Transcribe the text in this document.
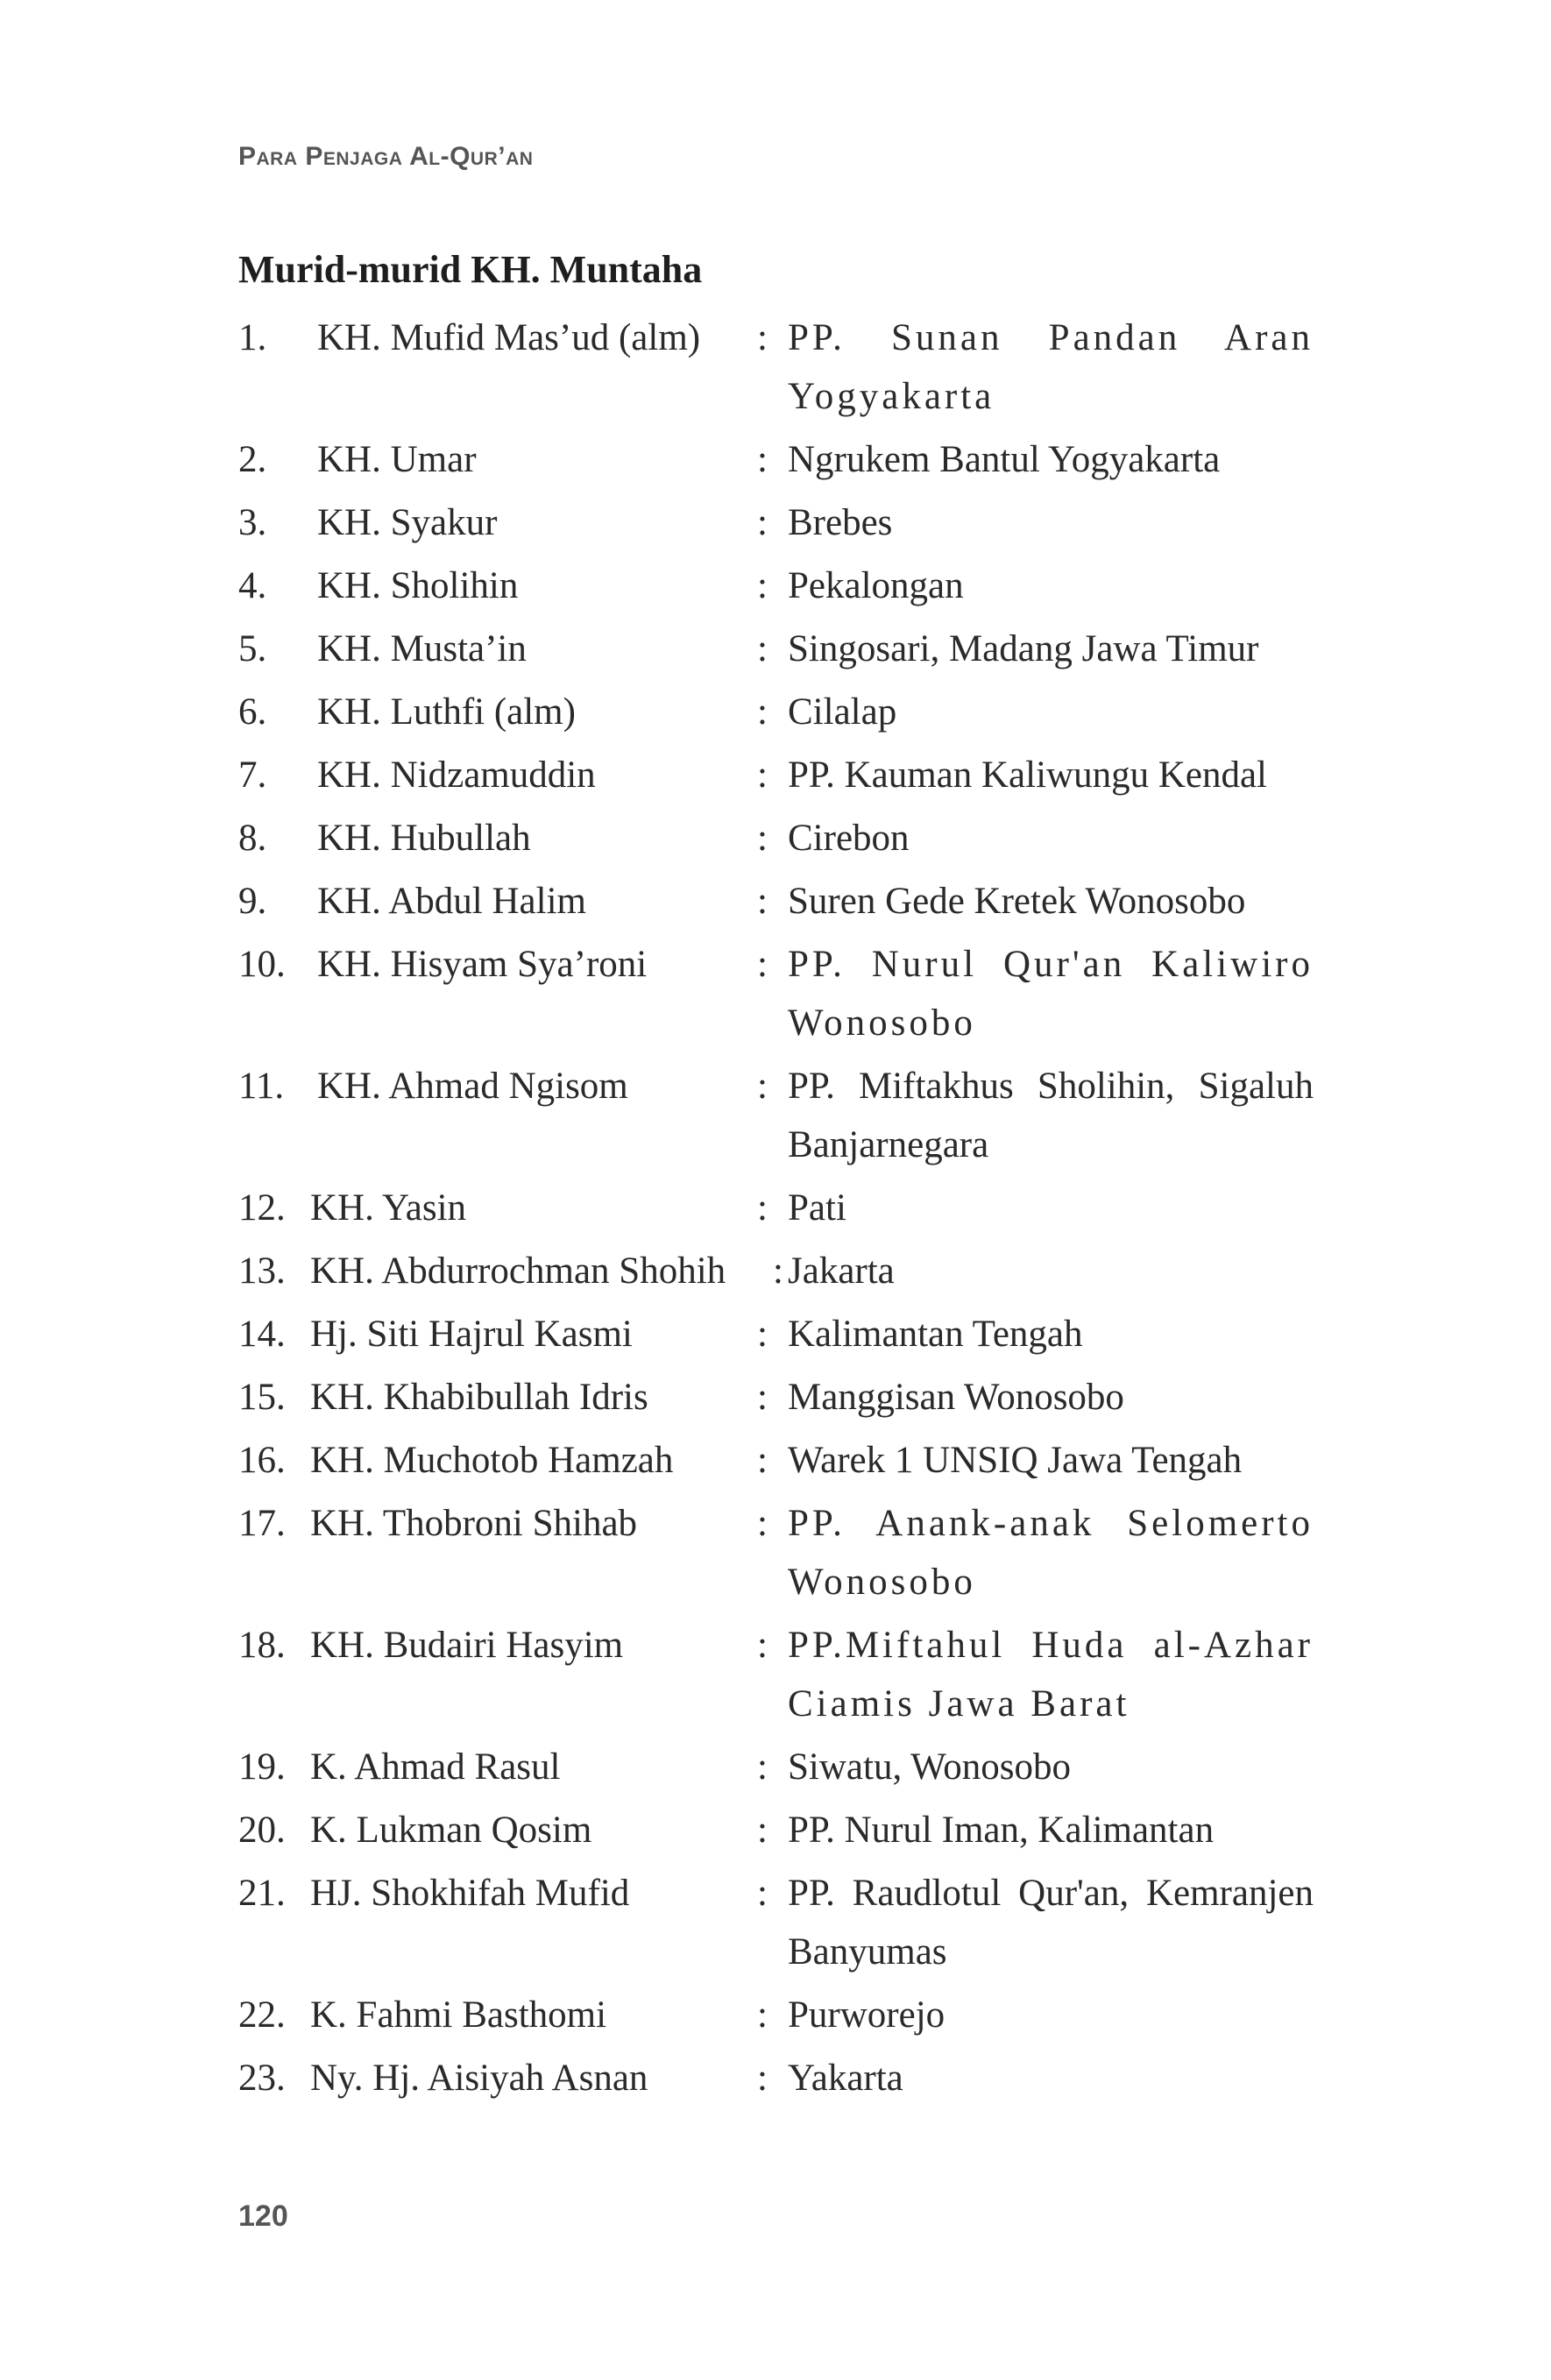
Para Penjaga Al-Qur’an
Murid-murid KH. Muntaha
1. KH. Mufid Mas’ud (alm) : PP. Sunan Pandan Aran Yogyakarta
2. KH. Umar	: Ngrukem Bantul Yogyakarta
3. KH. Syakur	: Brebes
4. KH. Sholihin	: Pekalongan
5. KH. Musta’in	: Singosari, Madang Jawa Timur
6. KH. Luthfi (alm)	: Cilalap
7. KH. Nidzamuddin	: PP. Kauman Kaliwungu Kendal
8. KH. Hubullah	: Cirebon
9. KH. Abdul Halim	: Suren Gede Kretek Wonosobo
10. KH. Hisyam Sya’roni	: PP. Nurul Qur'an Kaliwiro Wonosobo
11. KH. Ahmad Ngisom	: PP. Miftakhus Sholihin, Sigaluh Banjarnegara
12. KH. Yasin	: Pati
13. KH. Abdurrochman Shohih : Jakarta
14. Hj. Siti Hajrul Kasmi	: Kalimantan Tengah
15. KH. Khabibullah Idris	: Manggisan Wonosobo
16. KH. Muchotob Hamzah : Warek 1 UNSIQ Jawa Tengah
17. KH. Thobroni Shihab	: PP. Anank-anak Selomerto Wonosobo
18. KH. Budairi Hasyim	: PP.Miftahul Huda al-Azhar Ciamis Jawa Barat
19. K. Ahmad Rasul	: Siwatu, Wonosobo
20. K. Lukman Qosim	: PP. Nurul Iman, Kalimantan
21. HJ. Shokhifah Mufid	: PP. Raudlotul Qur'an, Kemranjen Banyumas
22. K. Fahmi Basthomi	: Purworejo
23. Ny. Hj. Aisiyah Asnan	: Yakarta
120
